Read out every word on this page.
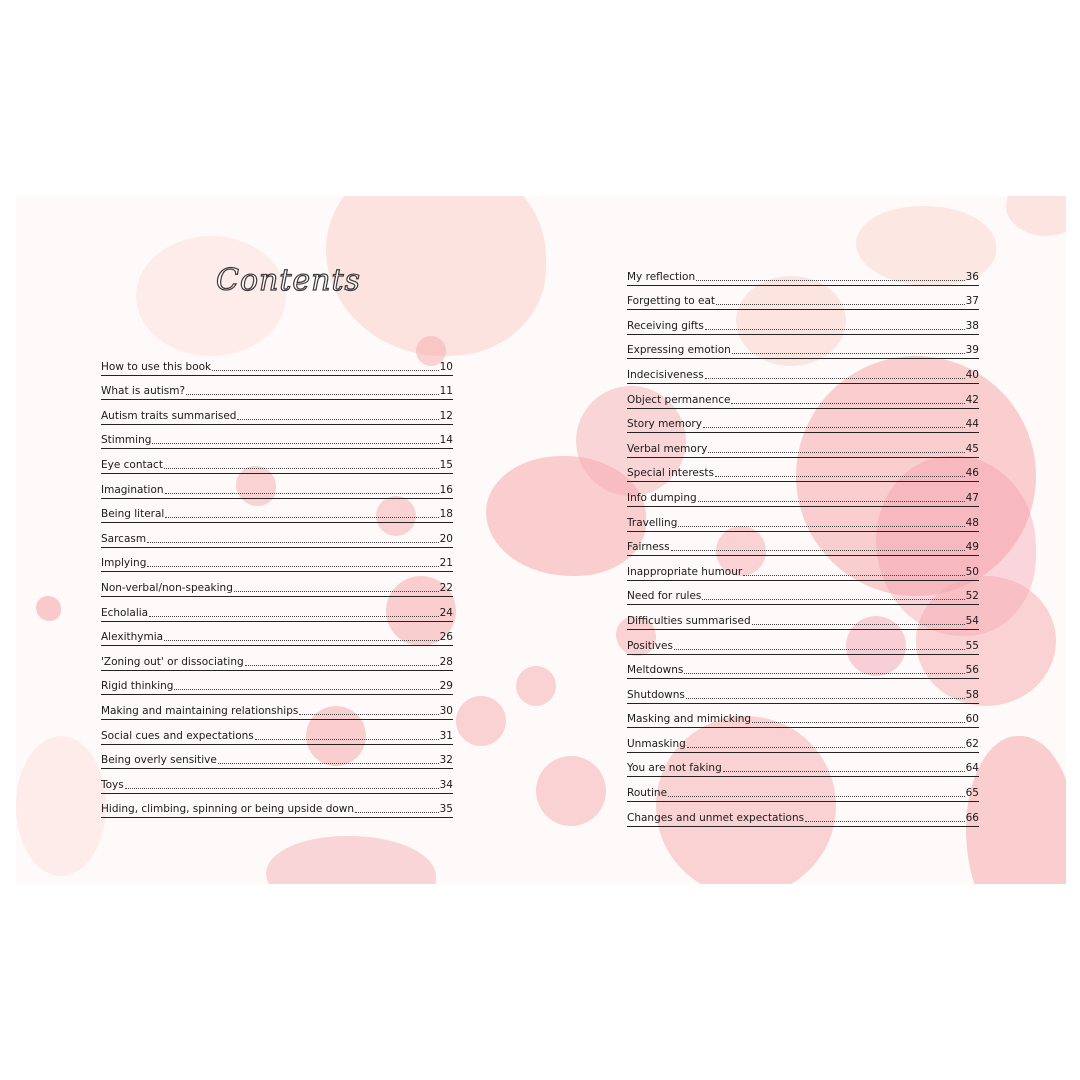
Contents
How to use this book	10
What is autism?	11
Autism traits summarised	12
Stimming	14
Eye contact	15
Imagination	16
Being literal	18
Sarcasm	20
Implying	21
Non-verbal/non-speaking	22
Echolalia	24
Alexithymia	26
'Zoning out' or dissociating	28
Rigid thinking	29
Making and maintaining relationships	30
Social cues and expectations	31
Being overly sensitive	32
Toys	34
Hiding, climbing, spinning or being upside down	35
My reflection	36
Forgetting to eat	37
Receiving gifts	38
Expressing emotion	39
Indecisiveness	40
Object permanence	42
Story memory	44
Verbal memory	45
Special interests	46
Info dumping	47
Travelling	48
Fairness	49
Inappropriate humour	50
Need for rules	52
Difficulties summarised	54
Positives	55
Meltdowns	56
Shutdowns	58
Masking and mimicking	60
Unmasking	62
You are not faking	64
Routine	65
Changes and unmet expectations	66
